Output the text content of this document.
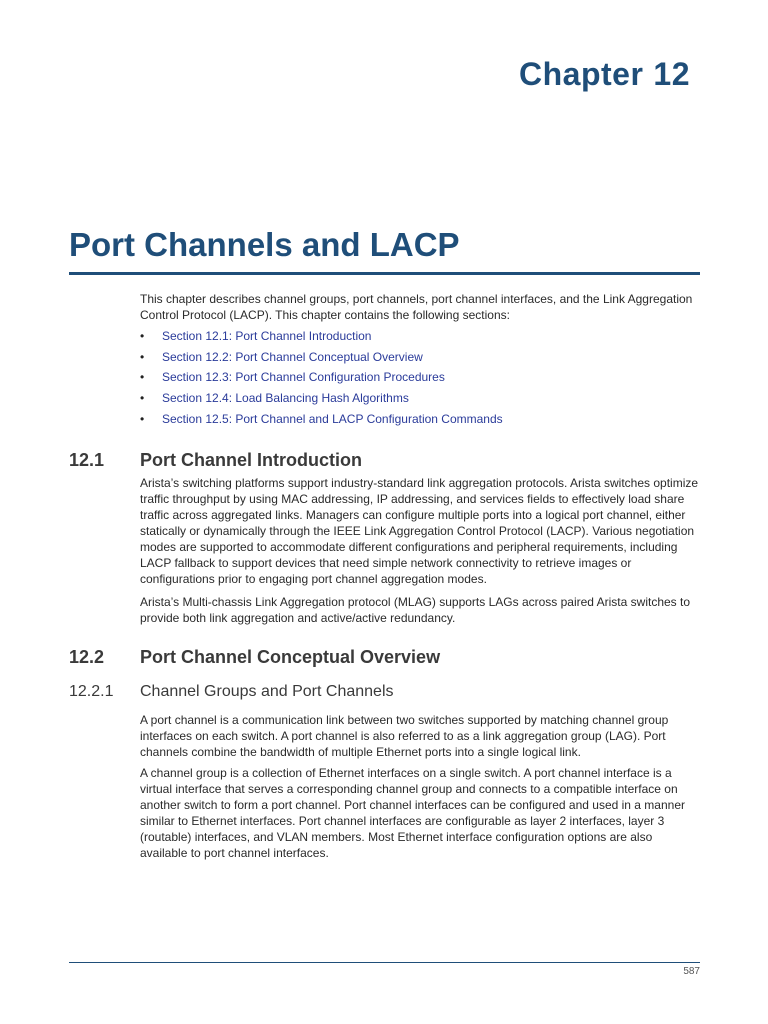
Chapter 12
Port Channels and LACP

This chapter describes channel groups, port channels, port channel interfaces, and the Link Aggregation Control Protocol (LACP). This chapter contains the following sections:

• Section 12.1: Port Channel Introduction
• Section 12.2: Port Channel Conceptual Overview
• Section 12.3: Port Channel Configuration Procedures
• Section 12.4: Load Balancing Hash Algorithms
• Section 12.5: Port Channel and LACP Configuration Commands
12.1 Port Channel Introduction

Arista’s switching platforms support industry-standard link aggregation protocols. Arista switches optimize traffic throughput by using MAC addressing, IP addressing, and services fields to effectively load share traffic across aggregated links. Managers can configure multiple ports into a logical port channel, either statically or dynamically through the IEEE Link Aggregation Control Protocol (LACP). Various negotiation modes are supported to accommodate different configurations and peripheral requirements, including LACP fallback to support devices that need simple network connectivity to retrieve images or configurations prior to engaging port channel aggregation modes.

Arista’s Multi-chassis Link Aggregation protocol (MLAG) supports LAGs across paired Arista switches to provide both link aggregation and active/active redundancy.

12.2 Port Channel Conceptual Overview
12.2.1 Channel Groups and Port Channels

A port channel is a communication link between two switches supported by matching channel group interfaces on each switch. A port channel is also referred to as a link aggregation group (LAG). Port channels combine the bandwidth of multiple Ethernet ports into a single logical link.

A channel group is a collection of Ethernet interfaces on a single switch. A port channel interface is a virtual interface that serves a corresponding channel group and connects to a compatible interface on another switch to form a port channel. Port channel interfaces can be configured and used in a manner similar to Ethernet interfaces. Port channel interfaces are configurable as layer 2 interfaces, layer 3 (routable) interfaces, and VLAN members. Most Ethernet interface configuration options are also available to port channel interfaces.

587
